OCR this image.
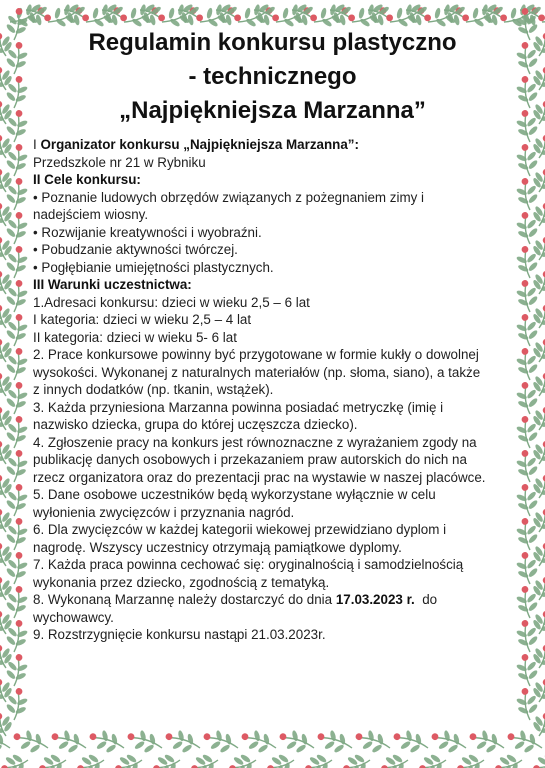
Regulamin konkursu plastyczno
- technicznego
„Najpiękniejsza Marzanna”

I Organizator konkursu „Najpiękniejsza Marzanna”:

Przedszkole nr 21 w Rybniku

II Cele konkursu:

• Poznanie ludowych obrzędów związanych z pożegnaniem zimy i

nadejściem wiosny.

• Rozwijanie kreatywności i wyobraźni.

• Pobudzanie aktywności twórczej.

• Pogłębianie umiejętności plastycznych.

III Warunki uczestnictwa:

1.Adresaci konkursu: dzieci w wieku 2,5 – 6 lat

I kategoria: dzieci w wieku 2,5 – 4 lat

II kategoria: dzieci w wieku 5- 6 lat

2. Prace konkursowe powinny być przygotowane w formie kukły o dowolnej

wysokości. Wykonanej z naturalnych materiałów (np. słoma, siano), a także

z innych dodatków (np. tkanin, wstążek).

3. Każda przyniesiona Marzanna powinna posiadać metryczkę (imię i

nazwisko dziecka, grupa do której uczęszcza dziecko).

4. Zgłoszenie pracy na konkurs jest równoznaczne z wyrażaniem zgody na

publikację danych osobowych i przekazaniem praw autorskich do nich na

rzecz organizatora oraz do prezentacji prac na wystawie w naszej placówce.

5. Dane osobowe uczestników będą wykorzystane wyłącznie w celu

wyłonienia zwycięzców i przyznania nagród.

6. Dla zwycięzców w każdej kategorii wiekowej przewidziano dyplom i

nagrodę. Wszyscy uczestnicy otrzymają pamiątkowe dyplomy.

7. Każda praca powinna cechować się: oryginalnością i samodzielnością

wykonania przez dziecko, zgodnością z tematyką.

8. Wykonaną Marzannę należy dostarczyć do dnia 17.03.2023 r.  do

wychowawcy.

9. Rozstrzygnięcie konkursu nastąpi 21.03.2023r.
